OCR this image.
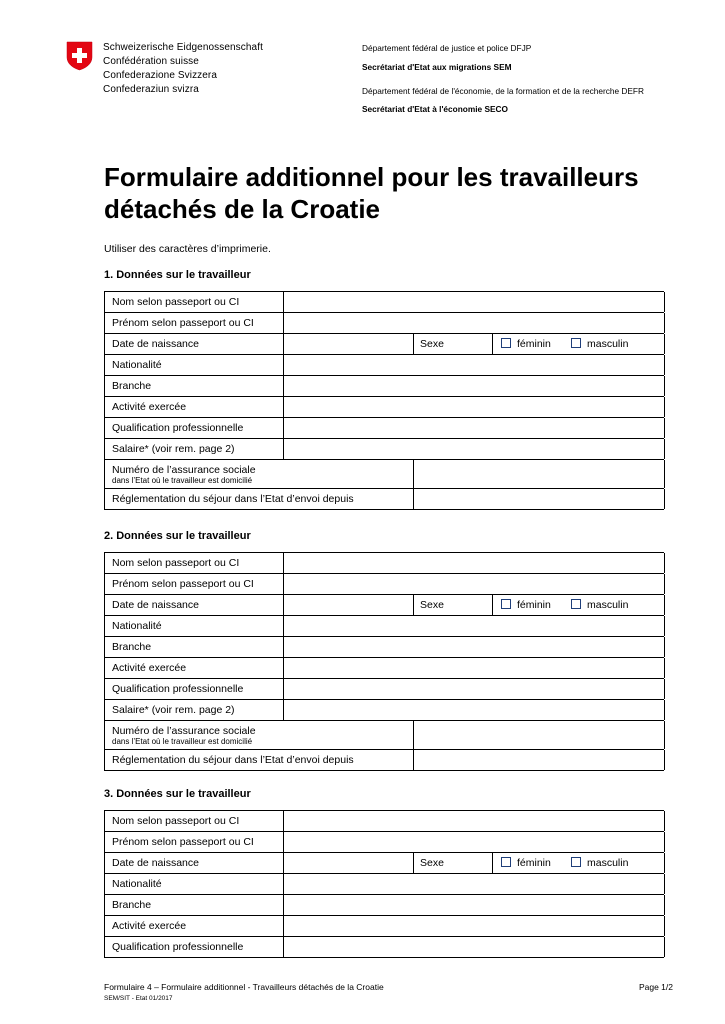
Schweizerische Eidgenossenschaft
Confédération suisse
Confederazione Svizzera
Confederaziun svizra
Département fédéral de justice et police DFJP
Secrétariat d'Etat aux migrations SEM
Département fédéral de l'économie, de la formation et de la recherche DEFR
Secrétariat d'Etat à l'économie SECO
Formulaire additionnel pour les travailleurs
détachés de la Croatie
Utiliser des caractères d’imprimerie.
1. Données sur le travailleur
Nom selon passeport ou CI
Prénom selon passeport ou CI
Date de naissance	Sexe	féminin	masculin
Nationalité
Branche
Activité exercée
Qualification professionnelle
Salaire* (voir rem. page 2)
Numéro de l’assurance sociale
dans l’Etat où le travailleur est domicilié
Réglementation du séjour dans l’Etat d’envoi depuis
2. Données sur le travailleur
Nom selon passeport ou CI
Prénom selon passeport ou CI
Date de naissance	Sexe	féminin	masculin
Nationalité
Branche
Activité exercée
Qualification professionnelle
Salaire* (voir rem. page 2)
Numéro de l’assurance sociale
dans l’Etat où le travailleur est domicilié
Réglementation du séjour dans l’Etat d’envoi depuis
3. Données sur le travailleur
Nom selon passeport ou CI
Prénom selon passeport ou CI
Date de naissance	Sexe	féminin	masculin
Nationalité
Branche
Activité exercée
Qualification professionnelle
Formulaire 4 – Formulaire additionnel - Travailleurs détachés de la Croatie	Page 1/2
SEM/SIT - Etat 01/2017
